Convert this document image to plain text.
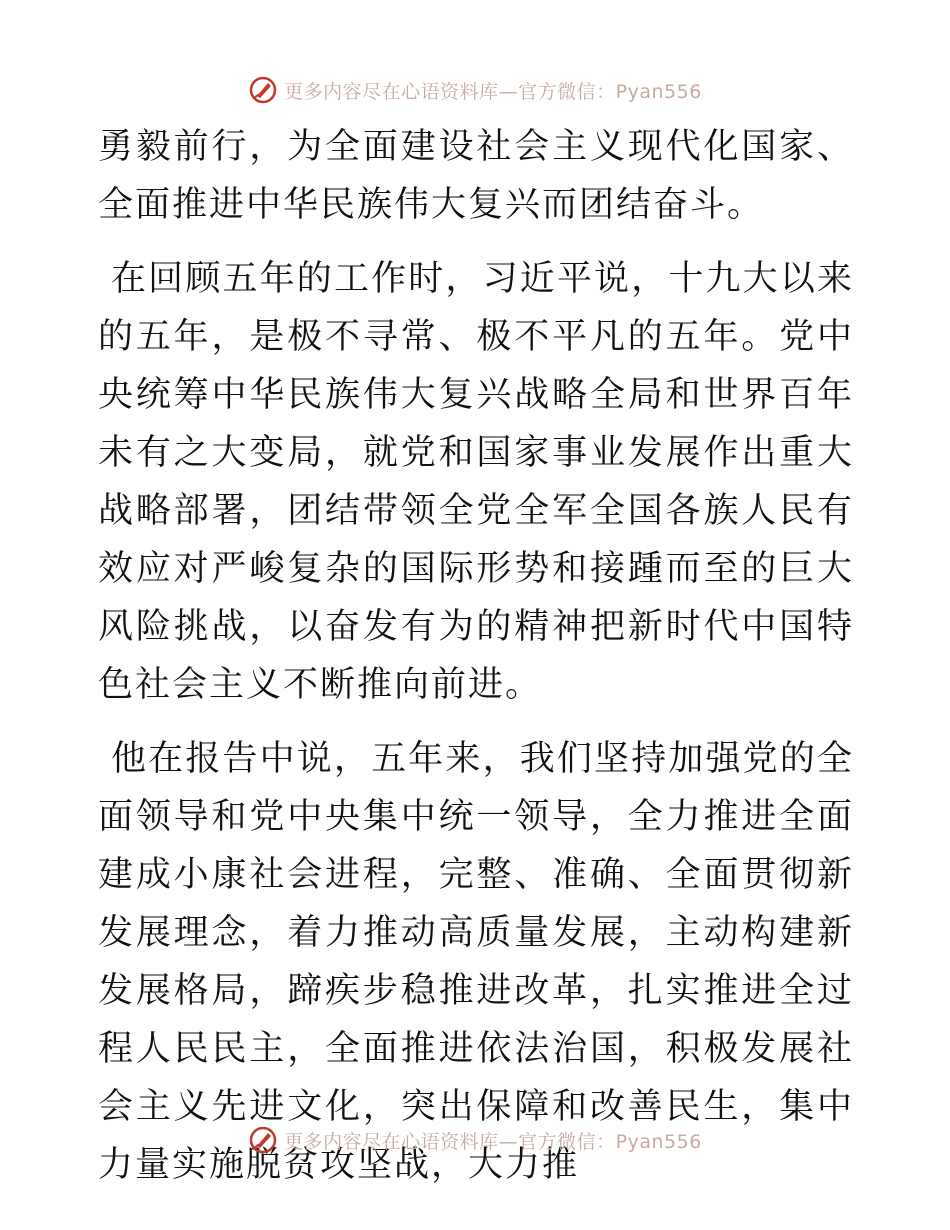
更多内容尽在心语资料库—官方微信：Pyan556

勇毅前行，为全面建设社会主义现代化国家、全面推进中华民族伟大复兴而团结奋斗。

在回顾五年的工作时，习近平说，十九大以来的五年，是极不寻常、极不平凡的五年。党中央统筹中华民族伟大复兴战略全局和世界百年未有之大变局，就党和国家事业发展作出重大战略部署，团结带领全党全军全国各族人民有效应对严峻复杂的国际形势和接踵而至的巨大风险挑战，以奋发有为的精神把新时代中国特色社会主义不断推向前进。

他在报告中说，五年来，我们坚持加强党的全面领导和党中央集中统一领导，全力推进全面建成小康社会进程，完整、准确、全面贯彻新发展理念，着力推动高质量发展，主动构建新发展格局，蹄疾步稳推进改革，扎实推进全过程人民民主，全面推进依法治国，积极发展社会主义先进文化，突出保障和改善民生，集中力量实施脱贫攻坚战，大力推

更多内容尽在心语资料库—官方微信：Pyan556
